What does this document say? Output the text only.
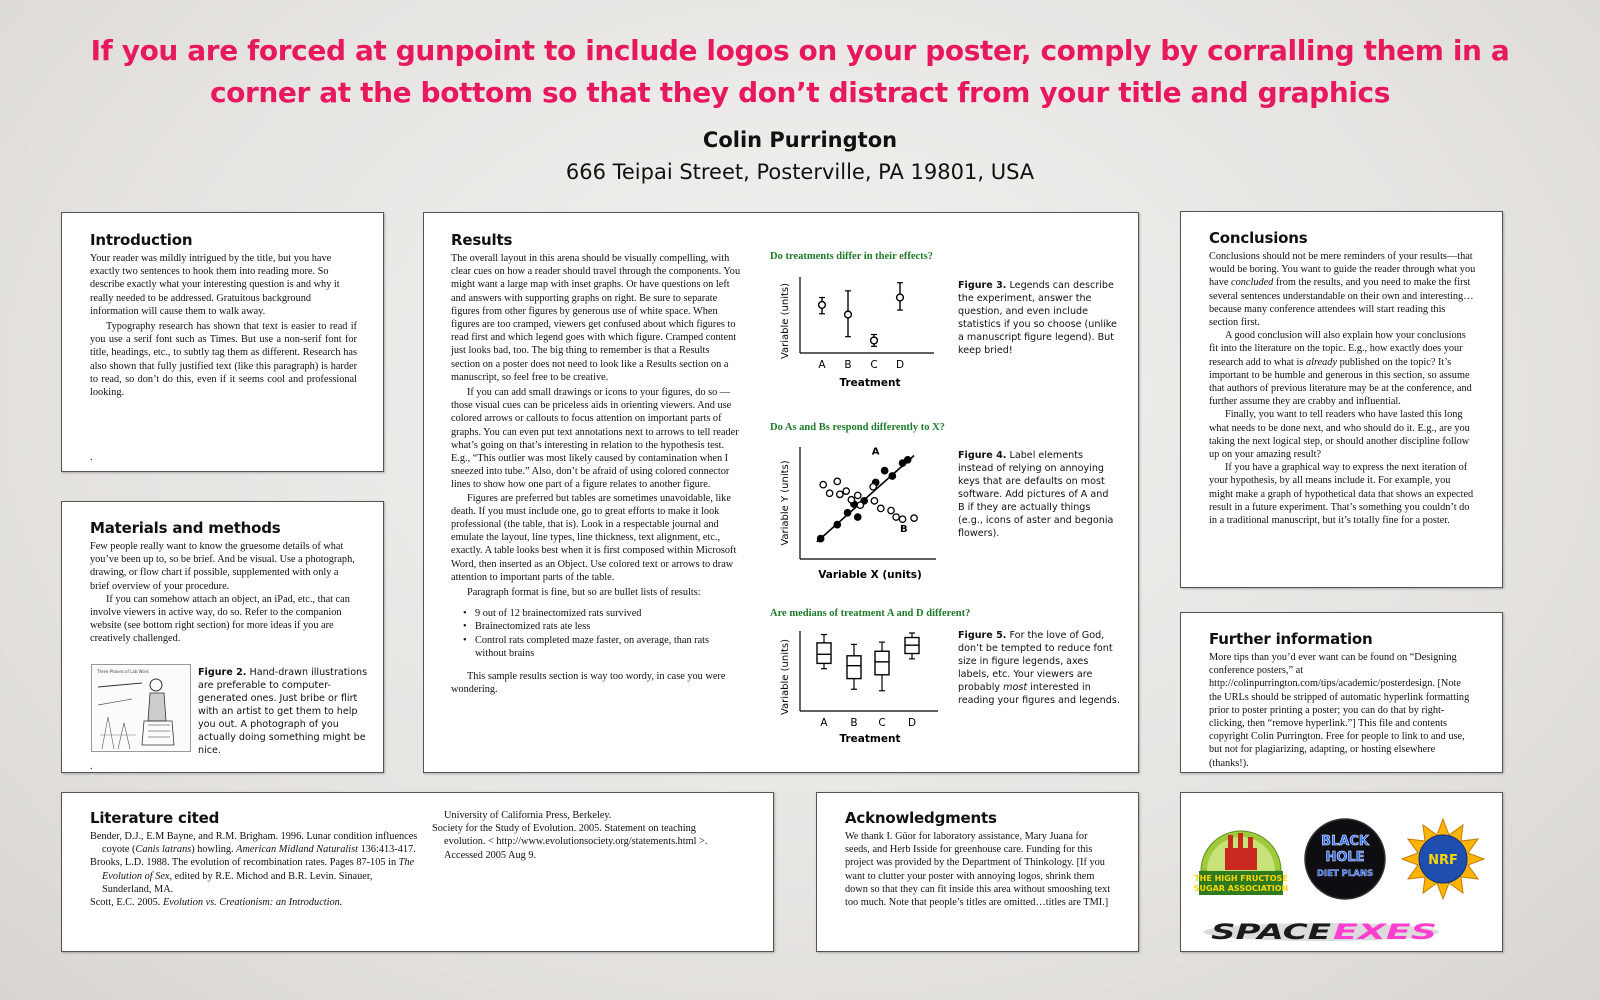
If you are forced at gunpoint to include logos on your poster, comply by corralling them in a corner at the bottom so that they don’t distract from your title and graphics
Colin Purrington
666 Teipai Street, Posterville, PA 19801, USA
Introduction

Your reader was mildly intrigued by the title, but you have exactly two sentences to hook them into reading more. So describe exactly what your interesting question is and why it really needed to be addressed. Gratuitous background information will cause them to walk away.

Typography research has shown that text is easier to read if you use a serif font such as Times. But use a non-serif font for title, headings, etc., to subtly tag them as different. Research has also shown that fully justified text (like this paragraph) is harder to read, so don’t do this, even if it seems cool and professional looking.

.

Materials and methods

Few people really want to know the gruesome details of what you’ve been up to, so be brief. And be visual. Use a photograph, drawing, or flow chart if possible, supplemented with only a brief overview of your procedure.

If you can somehow attach an object, an iPad, etc., that can involve viewers in active way, do so. Refer to the companion website (see bottom right section) for more ideas if you are creatively challenged.

Three Phases of Lab Work	Figure 2. Hand-drawn illustrations are preferable to computer-generated ones. Just bribe or flirt with an artist to get them to help you out. A photograph of you actually doing something might be nice.
.
Results

The overall layout in this arena should be visually compelling, with clear cues on how a reader should travel through the components. You might want a large map with inset graphs. Or have questions on left and answers with supporting graphs on right. Be sure to separate figures from other figures by generous use of white space. When figures are too cramped, viewers get confused about which figures to read first and which legend goes with which figure. Cramped content just looks bad, too. The big thing to remember is that a Results section on a poster does not need to look like a Results section on a manuscript, so feel free to be creative.

If you can add small drawings or icons to your figures, do so — those visual cues can be priceless aids in orienting viewers. And use colored arrows or callouts to focus attention on important parts of graphs. You can even put text annotations next to arrows to tell reader what’s going on that’s interesting in relation to the hypothesis test. E.g., “This outlier was most likely caused by contamination when I sneezed into tube.” Also, don’t be afraid of using colored connector lines to show how one part of a figure relates to another figure.

Figures are preferred but tables are sometimes unavoidable, like death. If you must include one, go to great efforts to make it look professional (the table, that is). Look in a respectable journal and emulate the layout, line types, line thickness, text alignment, etc., exactly. A table looks best when it is first composed within Microsoft Word, then inserted as an Object. Use colored text or arrows to draw attention to important parts of the table.

Paragraph format is fine, but so are bullet lists of results:

• 9 out of 12 brainectomized rats survived
• Brainectomized rats ate less
• Control rats completed maze faster, on average, than rats without brains

This sample results section is way too wordy, in case you were wondering.

Do treatments differ in their effects?
Variable (units)
Treatment
A B C D
Figure 3. Legends can describe the experiment, answer the question, and even include statistics if you so choose (unlike a manuscript figure legend). But keep bried!
Do As and Bs respond differently to X?
Variable Y (units)
Variable X (units)
A
B
Figure 4. Label elements instead of relying on annoying keys that are defaults on most software. Add pictures of A and B if they are actually things (e.g., icons of aster and begonia flowers).
Are medians of treatment A and D different?
Variable (units)
Treatment
A B C D
Figure 5. For the love of God, don’t be tempted to reduce font size in figure legends, axes labels, etc. Your viewers are probably most interested in reading your figures and legends.
Conclusions

Conclusions should not be mere reminders of your results—that would be boring. You want to guide the reader through what you have concluded from the results, and you need to make the first several sentences understandable on their own and interesting…because many conference attendees will start reading this section first.

A good conclusion will also explain how your conclusions fit into the literature on the topic. E.g., how exactly does your research add to what is already published on the topic? It’s important to be humble and generous in this section, so assume that authors of previous literature may be at the conference, and further assume they are crabby and influential.

Finally, you want to tell readers who have lasted this long what needs to be done next, and who should do it. E.g., are you taking the next logical step, or should another discipline follow up on your amazing result?

If you have a graphical way to express the next iteration of your hypothesis, by all means include it. For example, you might make a graph of hypothetical data that shows an expected result in a future experiment. That’s something you couldn’t do in a traditional manuscript, but it’s totally fine for a poster.

Further information

More tips than you’d ever want can be found on “Designing conference posters,” at http://colinpurrington.com/tips/academic/posterdesign. [Note the URLs should be stripped of automatic hyperlink formatting prior to poster printing a poster; you can do that by right-clicking, then “remove hyperlink.”] This file and contents copyright Colin Purrington. Free for people to link to and use, but not for plagiarizing, adapting, or hosting elsewhere (thanks!).

Literature cited

Bender, D.J., E.M Bayne, and R.M. Brigham. 1996. Lunar condition influences coyote (Canis latrans) howling. American Midland Naturalist 136:413-417.

Brooks, L.D. 1988. The evolution of recombination rates. Pages 87-105 in The Evolution of Sex, edited by R.E. Michod and B.R. Levin. Sinauer, Sunderland, MA.

Scott, E.C. 2005. Evolution vs. Creationism: an Introduction.

University of California Press, Berkeley.

Society for the Study of Evolution. 2005. Statement on teaching evolution. < http://www.evolutionsociety.org/statements.html >. Accessed 2005 Aug 9.

Acknowledgments

We thank I. Güor for laboratory assistance, Mary Juana for seeds, and Herb Isside for greenhouse care. Funding for this project was provided by the Department of Thinkology. [If you want to clutter your poster with annoying logos, shrink them down so that they can fit inside this area without smooshing text too much. Note that people’s titles are omitted…titles are TMI.]

THE HIGH FRUCTOSE
SUGAR ASSOCIATION
BLACK
HOLE
DIET PLANS
NRF
SPACE EXES
